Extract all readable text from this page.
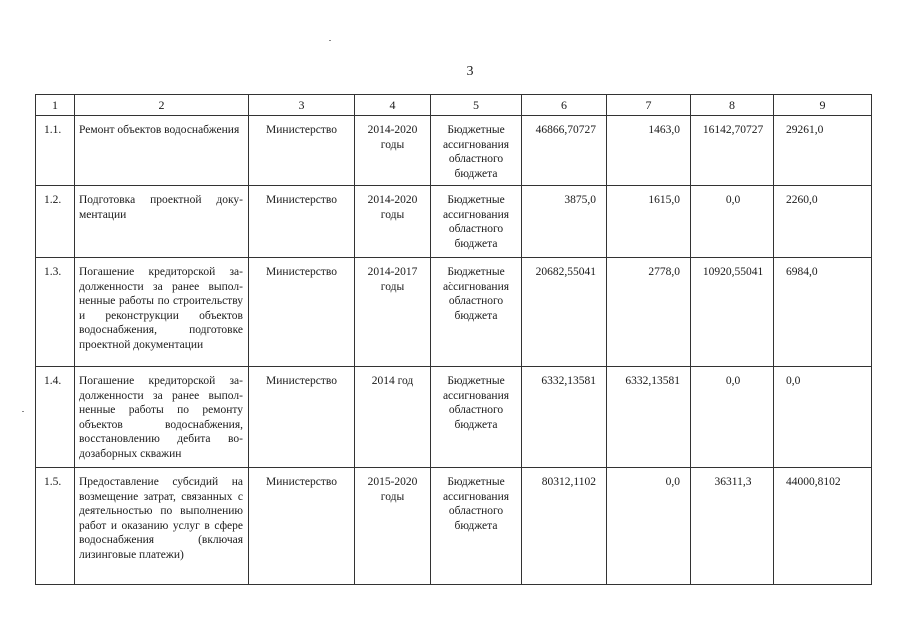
3
1	2	3	4	5	6	7	8	9

1.1.	Ремонт объектов водоснабжения	Министерство	2014-2020 годы	Бюджетные ассигнования областного бюджета	46866,70727	1463,0	16142,70727	29261,0

1.2.	Подготовка проектной документации	Министерство	2014-2020 годы	Бюджетные ассигнования областного бюджета	3875,0	1615,0	0,0	2260,0

1.3.	Погашение кредиторской задолженности за ранее выполненные работы по строительству и реконструкции объектов водоснабжения, подготовке проектной документации	Министерство	2014-2017 годы	Бюджетные ассигнования областного бюджета	20682,55041	2778,0	10920,55041	6984,0

1.4.	Погашение кредиторской задолженности за ранее выполненные работы по ремонту объектов водоснабжения, восстановлению дебита водозаборных скважин	Министерство	2014 год	Бюджетные ассигнования областного бюджета	6332,13581	6332,13581	0,0	0,0

1.5.	Предоставление субсидий на возмещение затрат, связанных с деятельностью по выполнению работ и оказанию услуг в сфере водоснабжения (включая лизинговые платежи)	Министерство	2015-2020 годы	Бюджетные ассигнования областного бюджета	80312,1102	0,0	36311,3	44000,8102
